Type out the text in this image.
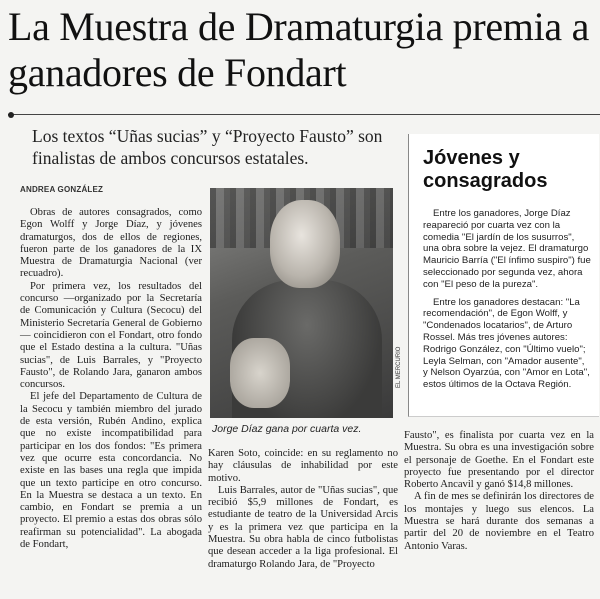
La Muestra de Dramaturgia premia a ganadores de Fondart

Los textos “Uñas sucias” y “Proyecto Fausto” son finalistas de ambos concursos estatales.

ANDREA GONZÁLEZ

Obras de autores consagrados, como Egon Wolff y Jorge Díaz, y jóvenes dramaturgos, dos de ellos de regiones, fueron parte de los ganadores de la IX Muestra de Dramaturgia Nacional (ver recuadro).

Por primera vez, los resultados del concurso —organizado por la Secretaría de Comunicación y Cultura (Secocu) del Ministerio Secretaría General de Gobierno— coincidieron con el Fondart, otro fondo que el Estado destina a la cultura. "Uñas sucias", de Luis Barrales, y "Proyecto Fausto", de Rolando Jara, ganaron ambos concursos.

El jefe del Departamento de Cultura de la Secocu y también miembro del jurado de esta versión, Rubén Andino, explica que no existe incompatibilidad para participar en los dos fondos: "Es primera vez que ocurre esta concordancia. No existe en las bases una regla que impida que un texto participe en otro concurso. En la Muestra se destaca a un texto. En cambio, en Fondart se premia a un proyecto. El premio a estas dos obras sólo reafirman su potencialidad". La abogada de Fondart,

EL MERCURIO
Jorge Díaz gana por cuarta vez.

Karen Soto, coincide: en su reglamento no hay cláusulas de inhabilidad por este motivo.

Luis Barrales, autor de "Uñas sucias", que recibió $5,9 millones de Fondart, es estudiante de teatro de la Universidad Arcis y es la primera vez que participa en la Muestra. Su obra habla de cinco futbolistas que desean acceder a la liga profesional. El dramaturgo Rolando Jara, de "Proyecto

Fausto", es finalista por cuarta vez en la Muestra. Su obra es una investigación sobre el personaje de Goethe. En el Fondart este proyecto fue presentando por el director Roberto Ancavil y ganó $14,8 millones.

A fin de mes se definirán los directores de los montajes y luego sus elencos. La Muestra se hará durante dos semanas a partir del 20 de noviembre en el Teatro Antonio Varas.

Jóvenes y consagrados

Entre los ganadores, Jorge Díaz reapareció por cuarta vez con la comedia "El jardín de los susurros", una obra sobre la vejez. El dramaturgo Mauricio Barría ("El ínfimo suspiro") fue seleccionado por segunda vez, ahora con "El peso de la pureza".

Entre los ganadores destacan: "La recomendación", de Egon Wolff, y "Condenados locatarios", de Arturo Rossel. Más tres jóvenes autores: Rodrigo González, con "Último vuelo"; Leyla Selman, con "Amador ausente", y Nelson Oyarzúa, con "Amor en Lota", estos últimos de la Octava Región.
